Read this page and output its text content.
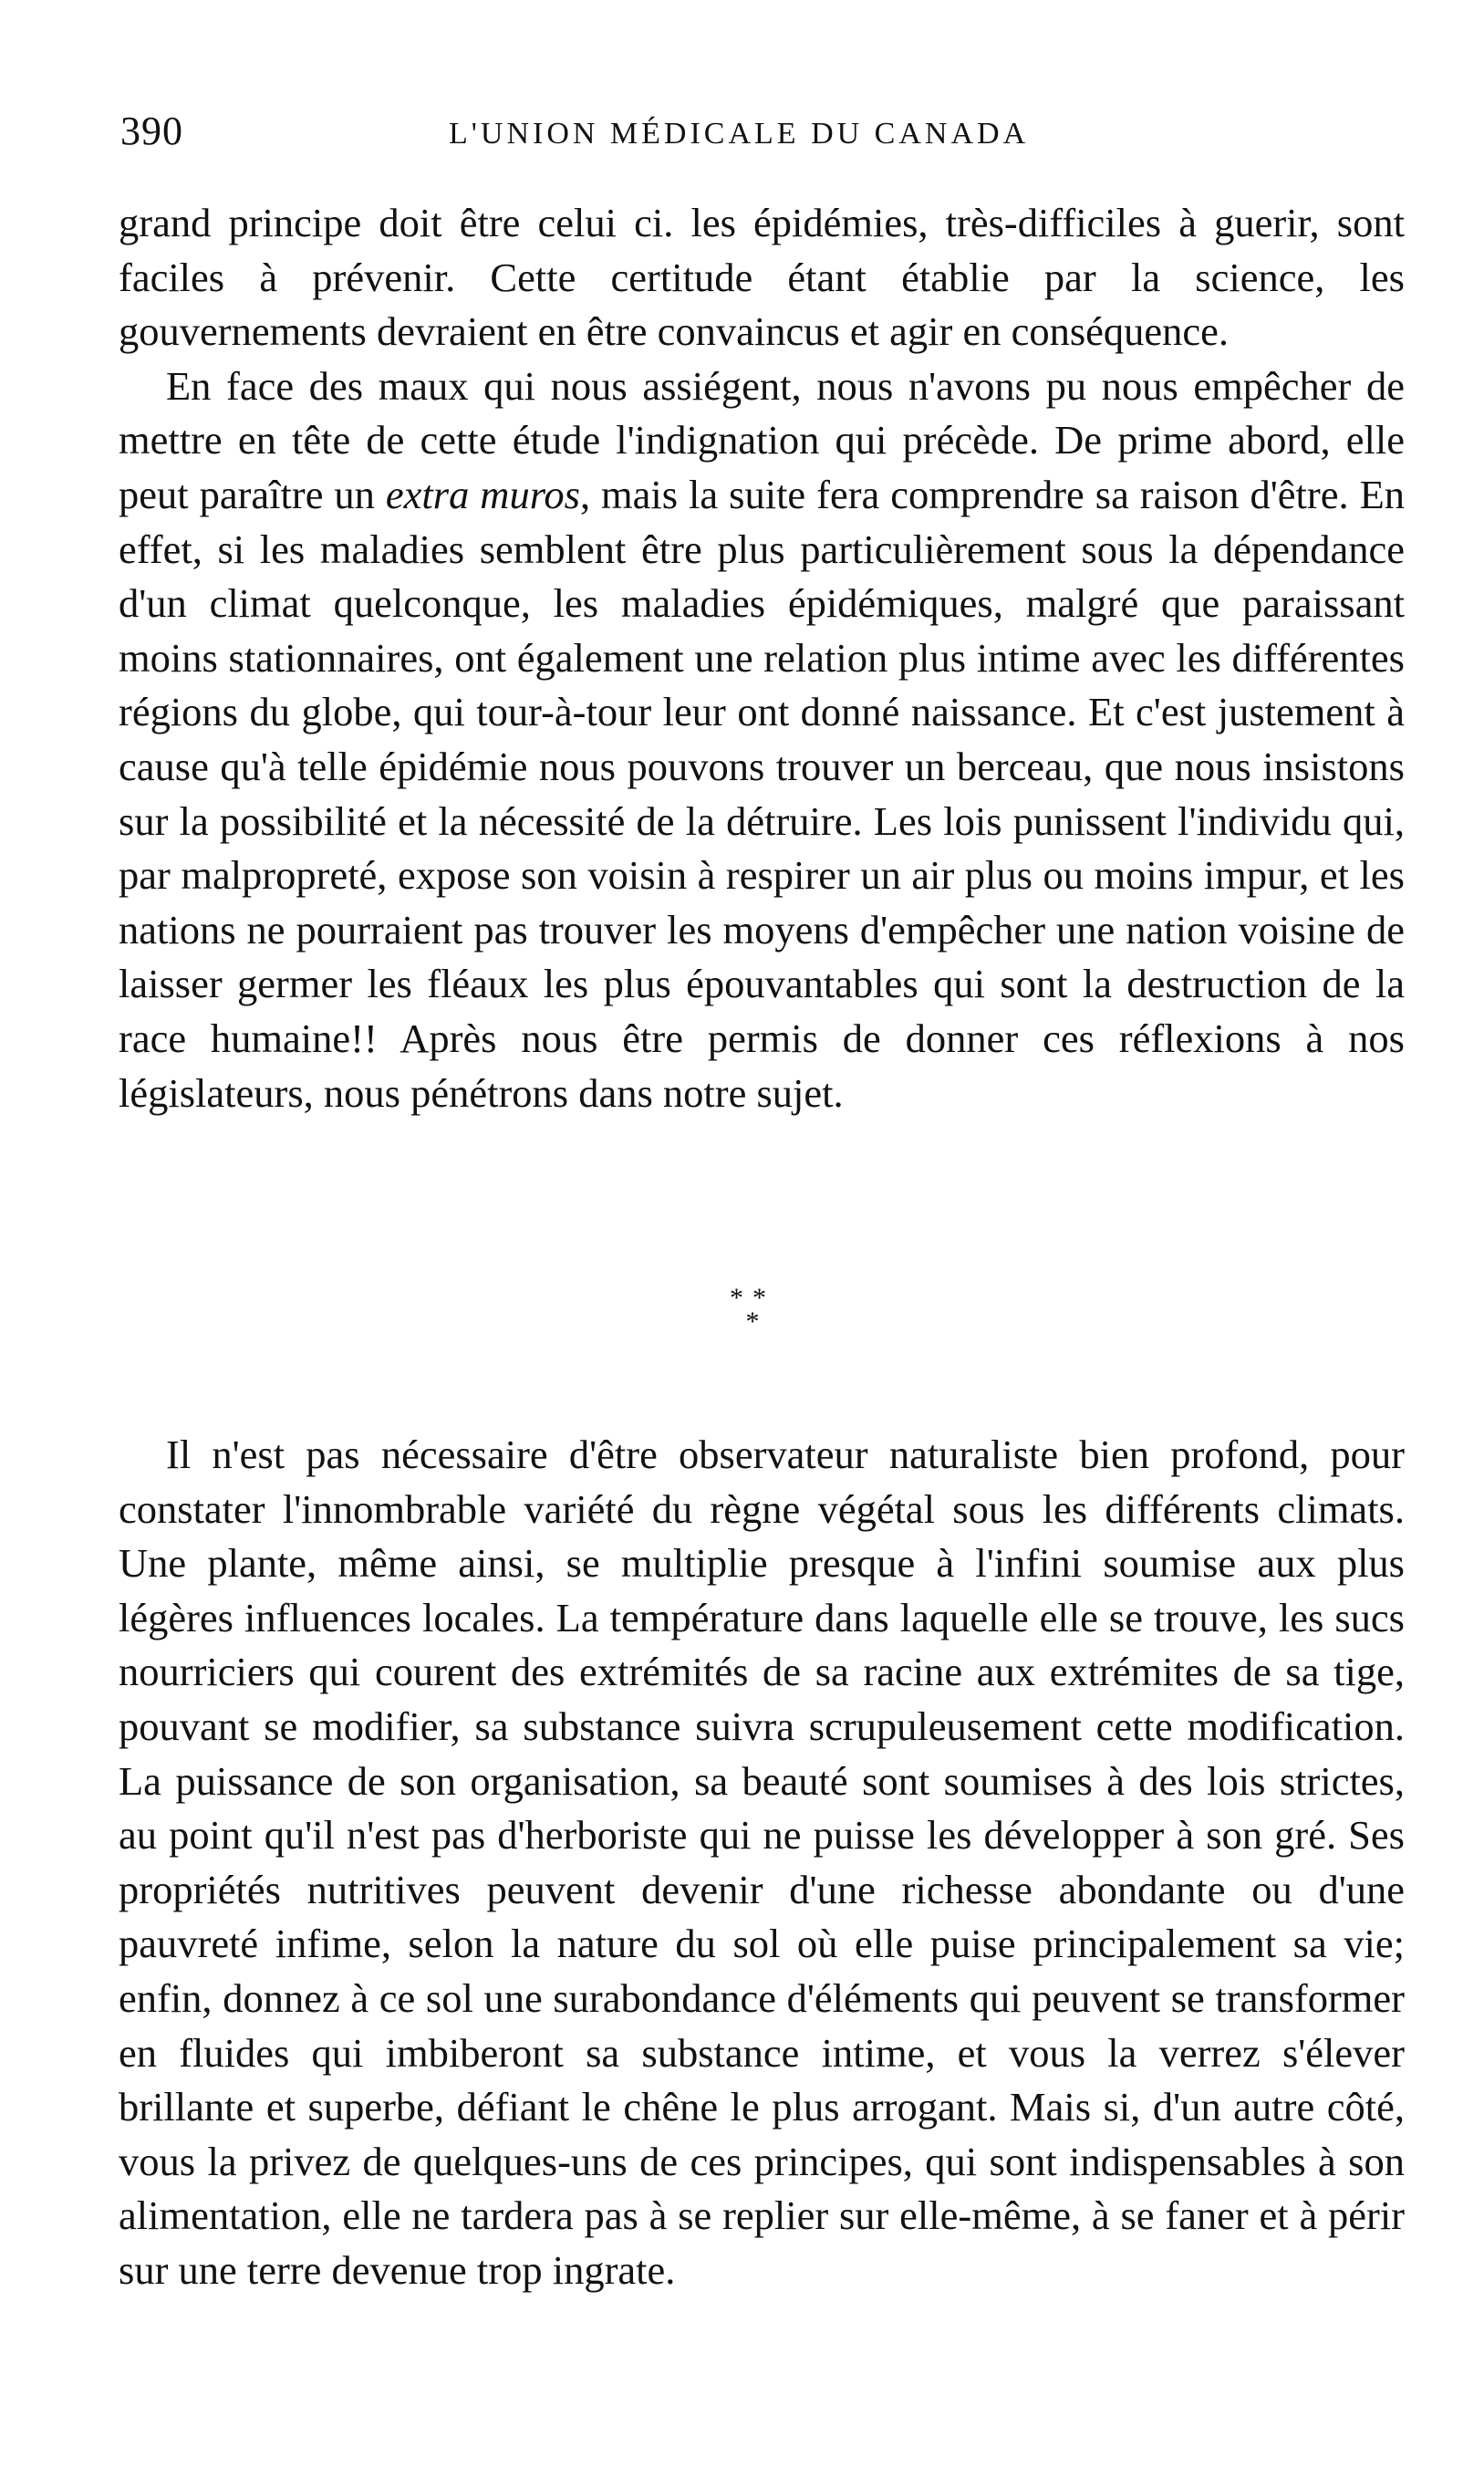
390	L'UNION MÉDICALE DU CANADA

grand principe doit être celui ci. les épidémies, très-difficiles à guerir, sont faciles à prévenir. Cette certitude étant établie par la science, les gouvernements devraient en être convaincus et agir en conséquence.

En face des maux qui nous assiégent, nous n'avons pu nous empêcher de mettre en tête de cette étude l'indignation qui précède. De prime abord, elle peut paraître un extra muros, mais la suite fera comprendre sa raison d'être. En effet, si les maladies semblent être plus particulièrement sous la dépendance d'un climat quelconque, les maladies épidémiques, malgré que paraissant moins stationnaires, ont également une relation plus intime avec les différentes régions du globe, qui tour-à-tour leur ont donné naissance. Et c'est justement à cause qu'à telle épidémie nous pouvons trouver un berceau, que nous insistons sur la possibilité et la nécessité de la détruire. Les lois punissent l'individu qui, par malpropreté, expose son voisin à respirer un air plus ou moins impur, et les nations ne pourraient pas trouver les moyens d'empêcher une nation voisine de laisser germer les fléaux les plus épouvantables qui sont la destruction de la race humaine!! Après nous être permis de donner ces réflexions à nos législateurs, nous pénétrons dans notre sujet.

**
*

Il n'est pas nécessaire d'être observateur naturaliste bien profond, pour constater l'innombrable variété du règne végétal sous les différents climats. Une plante, même ainsi, se multiplie presque à l'infini soumise aux plus légères influences locales. La température dans laquelle elle se trouve, les sucs nourriciers qui courent des extrémités de sa racine aux extrémites de sa tige, pouvant se modifier, sa substance suivra scrupuleusement cette modification. La puissance de son organisation, sa beauté sont soumises à des lois strictes, au point qu'il n'est pas d'herboriste qui ne puisse les développer à son gré. Ses propriétés nutritives peuvent devenir d'une richesse abondante ou d'une pauvreté infime, selon la nature du sol où elle puise principalement sa vie; enfin, donnez à ce sol une surabondance d'éléments qui peuvent se transformer en fluides qui imbiberont sa substance intime, et vous la verrez s'élever brillante et superbe, défiant le chêne le plus arrogant. Mais si, d'un autre côté, vous la privez de quelques-uns de ces principes, qui sont indispensables à son alimentation, elle ne tardera pas à se replier sur elle-même, à se faner et à périr sur une terre devenue trop ingrate.
